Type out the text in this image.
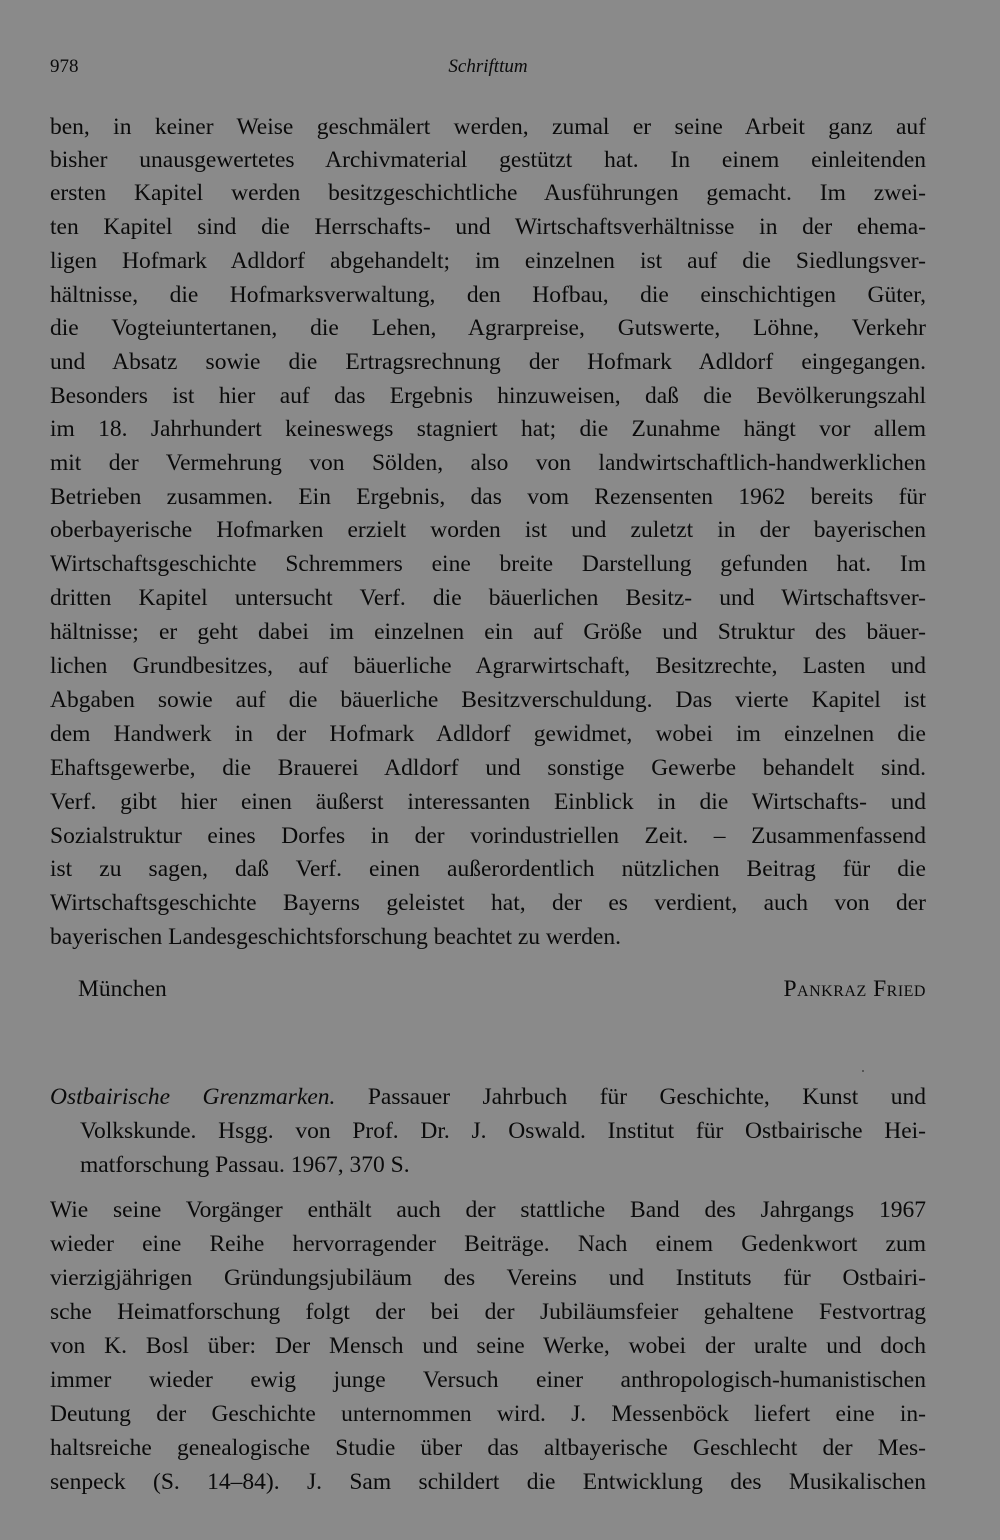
978	Schrifttum
ben, in keiner Weise geschmälert werden, zumal er seine Arbeit ganz auf
bisher unausgewertetes Archivmaterial gestützt hat. In einem einleitenden
ersten Kapitel werden besitzgeschichtliche Ausführungen gemacht. Im zwei-
ten Kapitel sind die Herrschafts- und Wirtschaftsverhältnisse in der ehema-
ligen Hofmark Adldorf abgehandelt; im einzelnen ist auf die Siedlungsver-
hältnisse, die Hofmarksverwaltung, den Hofbau, die einschichtigen Güter,
die Vogteiuntertanen, die Lehen, Agrarpreise, Gutswerte, Löhne, Verkehr
und Absatz sowie die Ertragsrechnung der Hofmark Adldorf eingegangen.
Besonders ist hier auf das Ergebnis hinzuweisen, daß die Bevölkerungszahl
im 18. Jahrhundert keineswegs stagniert hat; die Zunahme hängt vor allem
mit der Vermehrung von Sölden, also von landwirtschaftlich-handwerklichen
Betrieben zusammen. Ein Ergebnis, das vom Rezensenten 1962 bereits für
oberbayerische Hofmarken erzielt worden ist und zuletzt in der bayerischen
Wirtschaftsgeschichte Schremmers eine breite Darstellung gefunden hat. Im
dritten Kapitel untersucht Verf. die bäuerlichen Besitz- und Wirtschaftsver-
hältnisse; er geht dabei im einzelnen ein auf Größe und Struktur des bäuer-
lichen Grundbesitzes, auf bäuerliche Agrarwirtschaft, Besitzrechte, Lasten und
Abgaben sowie auf die bäuerliche Besitzverschuldung. Das vierte Kapitel ist
dem Handwerk in der Hofmark Adldorf gewidmet, wobei im einzelnen die
Ehaftsgewerbe, die Brauerei Adldorf und sonstige Gewerbe behandelt sind.
Verf. gibt hier einen äußerst interessanten Einblick in die Wirtschafts- und
Sozialstruktur eines Dorfes in der vorindustriellen Zeit. – Zusammenfassend
ist zu sagen, daß Verf. einen außerordentlich nützlichen Beitrag für die
Wirtschaftsgeschichte Bayerns geleistet hat, der es verdient, auch von der
bayerischen Landesgeschichtsforschung beachtet zu werden.
München	Pankraz Fried
Ostbairische Grenzmarken. Passauer Jahrbuch für Geschichte, Kunst und
Volkskunde. Hsgg. von Prof. Dr. J. Oswald. Institut für Ostbairische Hei-
matforschung Passau. 1967, 370 S.
Wie seine Vorgänger enthält auch der stattliche Band des Jahrgangs 1967
wieder eine Reihe hervorragender Beiträge. Nach einem Gedenkwort zum
vierzigjährigen Gründungsjubiläum des Vereins und Instituts für Ostbairi-
sche Heimatforschung folgt der bei der Jubiläumsfeier gehaltene Festvortrag
von K. Bosl über: Der Mensch und seine Werke, wobei der uralte und doch
immer wieder ewig junge Versuch einer anthropologisch-humanistischen
Deutung der Geschichte unternommen wird. J. Messenböck liefert eine in-
haltsreiche genealogische Studie über das altbayerische Geschlecht der Mes-
senpeck (S. 14–84). J. Sam schildert die Entwicklung des Musikalischen
